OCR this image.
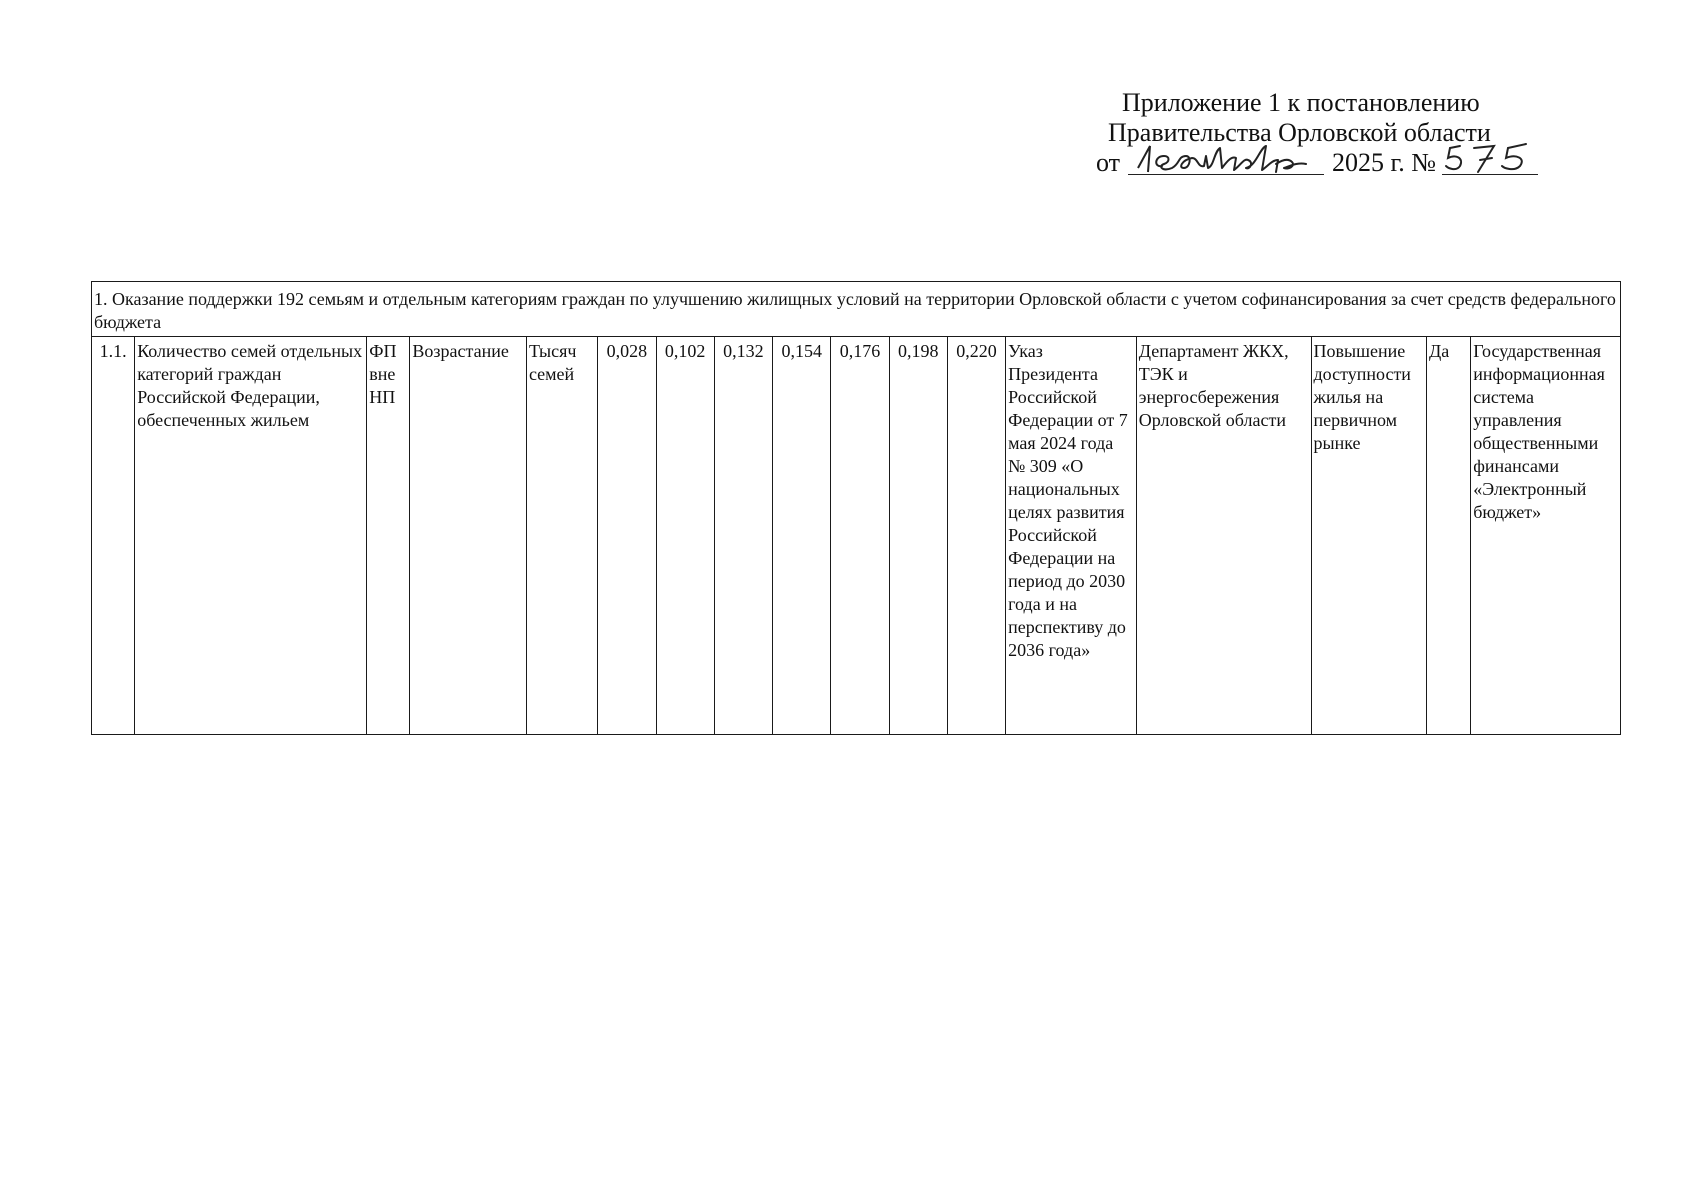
Приложение 1 к постановлению
Правительства Орловской области
от	2025 г. №
1. Оказание поддержки 192 семьям и отдельным категориям граждан по улучшению жилищных условий на территории Орловской области с учетом софинансирования за счет средств федерального бюджета
1.1.	Количество семей отдельных категорий граждан Российской Федерации, обеспеченных жильем	ФП вне НП	Возрастание	Тысяч семей	0,028	0,102	0,132	0,154	0,176	0,198	0,220	Указ Президента Российской Федерации от 7 мая 2024 года № 309 «О национальных целях развития Российской Федерации на период до 2030 года и на перспективу до 2036 года»	Департамент ЖКХ, ТЭК и энергосбережения Орловской области	Повышение доступности жилья на первичном рынке	Да	Государственная информационная система управления общественными финансами «Электронный бюджет»
